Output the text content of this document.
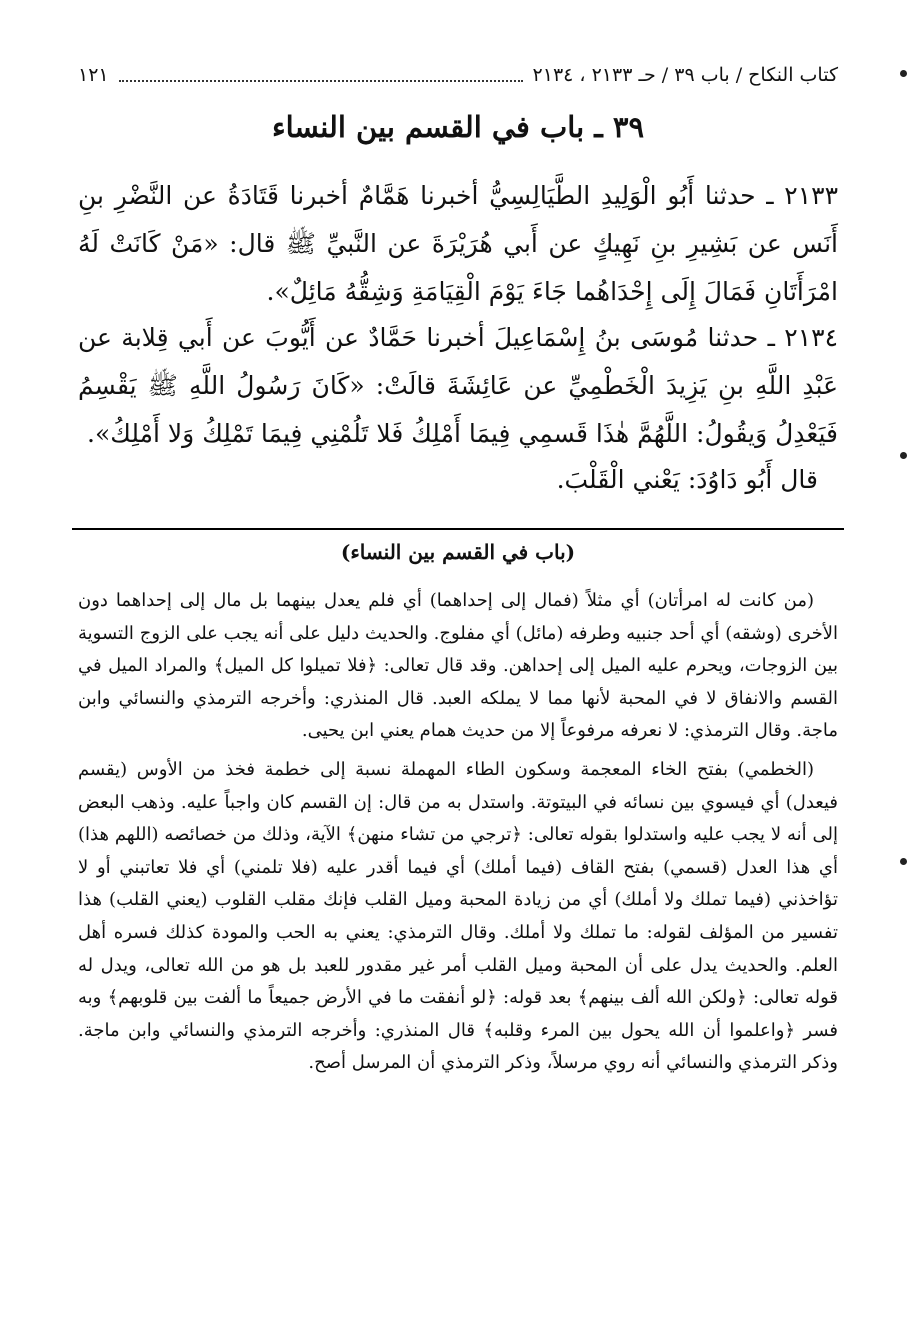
كتاب النكاح / باب ٣٩ / حـ ٢١٣٣ ، ٢١٣٤
١٢١
٣٩ ـ باب في القسم بين النساء

٢١٣٣ ـ حدثنا أَبُو الْوَلِيدِ الطَّيَالِسِيُّ أخبرنا هَمَّامٌ أخبرنا قَتَادَةُ عن النَّضْرِ بنِ أَنَس عن بَشِيرِ بنِ نَهِيكٍ عن أَبي هُرَيْرَةَ عن النَّبيِّ ﷺ قال: «مَنْ كَانَتْ لَهُ امْرَأَتَانِ فَمَالَ إِلَى إِحْدَاهُما جَاءَ يَوْمَ الْقِيَامَةِ وَشِقُّهُ مَائِلٌ».

٢١٣٤ ـ حدثنا مُوسَى بنُ إِسْمَاعِيلَ أخبرنا حَمَّادٌ عن أَيُّوبَ عن أَبي قِلابة عن عَبْدِ اللَّهِ بنِ يَزِيدَ الْخَطْمِيِّ عن عَائِشَةَ قالَتْ: «كَانَ رَسُولُ اللَّهِ ﷺ يَقْسِمُ فَيَعْدِلُ وَيقُولُ: اللَّهُمَّ هٰذَا قَسمِي فِيمَا أَمْلِكُ فَلا تَلُمْنِي فِيمَا تَمْلِكُ وَلا أَمْلِكُ».

قال أَبُو دَاوُدَ: يَعْني الْقَلْبَ.

(باب في القسم بين النساء)

(من كانت له امرأتان) أي مثلاً (فمال إلى إحداهما) أي فلم يعدل بينهما بل مال إلى إحداهما دون الأخرى (وشقه) أي أحد جنبيه وطرفه (مائل) أي مفلوج. والحديث دليل على أنه يجب على الزوج التسوية بين الزوجات، ويحرم عليه الميل إلى إحداهن. وقد قال تعالى: ﴿فلا تميلوا كل الميل﴾ والمراد الميل في القسم والانفاق لا في المحبة لأنها مما لا يملكه العبد. قال المنذري: وأخرجه الترمذي والنسائي وابن ماجة. وقال الترمذي: لا نعرفه مرفوعاً إلا من حديث همام يعني ابن يحيى.

(الخطمي) بفتح الخاء المعجمة وسكون الطاء المهملة نسبة إلى خطمة فخذ من الأوس (يقسم فيعدل) أي فيسوي بين نسائه في البيتوتة. واستدل به من قال: إن القسم كان واجباً عليه. وذهب البعض إلى أنه لا يجب عليه واستدلوا بقوله تعالى: ﴿ترجي من تشاء منهن﴾ الآية، وذلك من خصائصه (اللهم هذا) أي هذا العدل (قسمي) بفتح القاف (فيما أملك) أي فيما أقدر عليه (فلا تلمني) أي فلا تعاتبني أو لا تؤاخذني (فيما تملك ولا أملك) أي من زيادة المحبة وميل القلب فإنك مقلب القلوب (يعني القلب) هذا تفسير من المؤلف لقوله: ما تملك ولا أملك. وقال الترمذي: يعني به الحب والمودة كذلك فسره أهل العلم. والحديث يدل على أن المحبة وميل القلب أمر غير مقدور للعبد بل هو من الله تعالى، ويدل له قوله تعالى: ﴿ولكن الله ألف بينهم﴾ بعد قوله: ﴿لو أنفقت ما في الأرض جميعاً ما ألفت بين قلوبهم﴾ وبه فسر ﴿واعلموا أن الله يحول بين المرء وقلبه﴾ قال المنذري: وأخرجه الترمذي والنسائي وابن ماجة. وذكر الترمذي والنسائي أنه روي مرسلاً، وذكر الترمذي أن المرسل أصح.
